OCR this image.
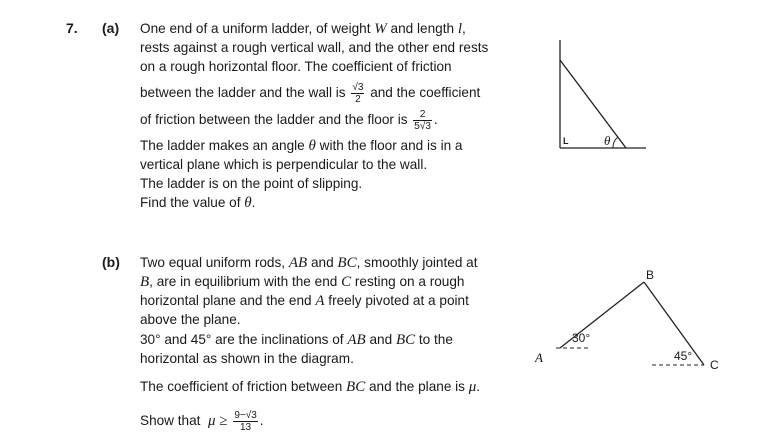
7. (a) One end of a uniform ladder, of weight W and length l,
rests against a rough vertical wall, and the other end rests
on a rough horizontal floor. The coefficient of friction
between the ladder and the wall is $\frac{√3}{2}$ and the coefficient
of friction between the ladder and the floor is $\frac{2}{5√3}$ .
The ladder makes an angle θ with the floor and is in a
vertical plane which is perpendicular to the wall.
The ladder is on the point of slipping.
Find the value of θ.
L	θ
(b) Two equal uniform rods, AB and BC, smoothly jointed at
B, are in equilibrium with the end C resting on a rough
horizontal plane and the end A freely pivoted at a point
above the plane.
30° and 45° are the inclinations of AB and BC to the
horizontal as shown in the diagram.
The coefficient of friction between BC and the plane is μ.
Show that $\mu \ge \frac{9-√3}{13}$ .
B
A	C
30°
45°
